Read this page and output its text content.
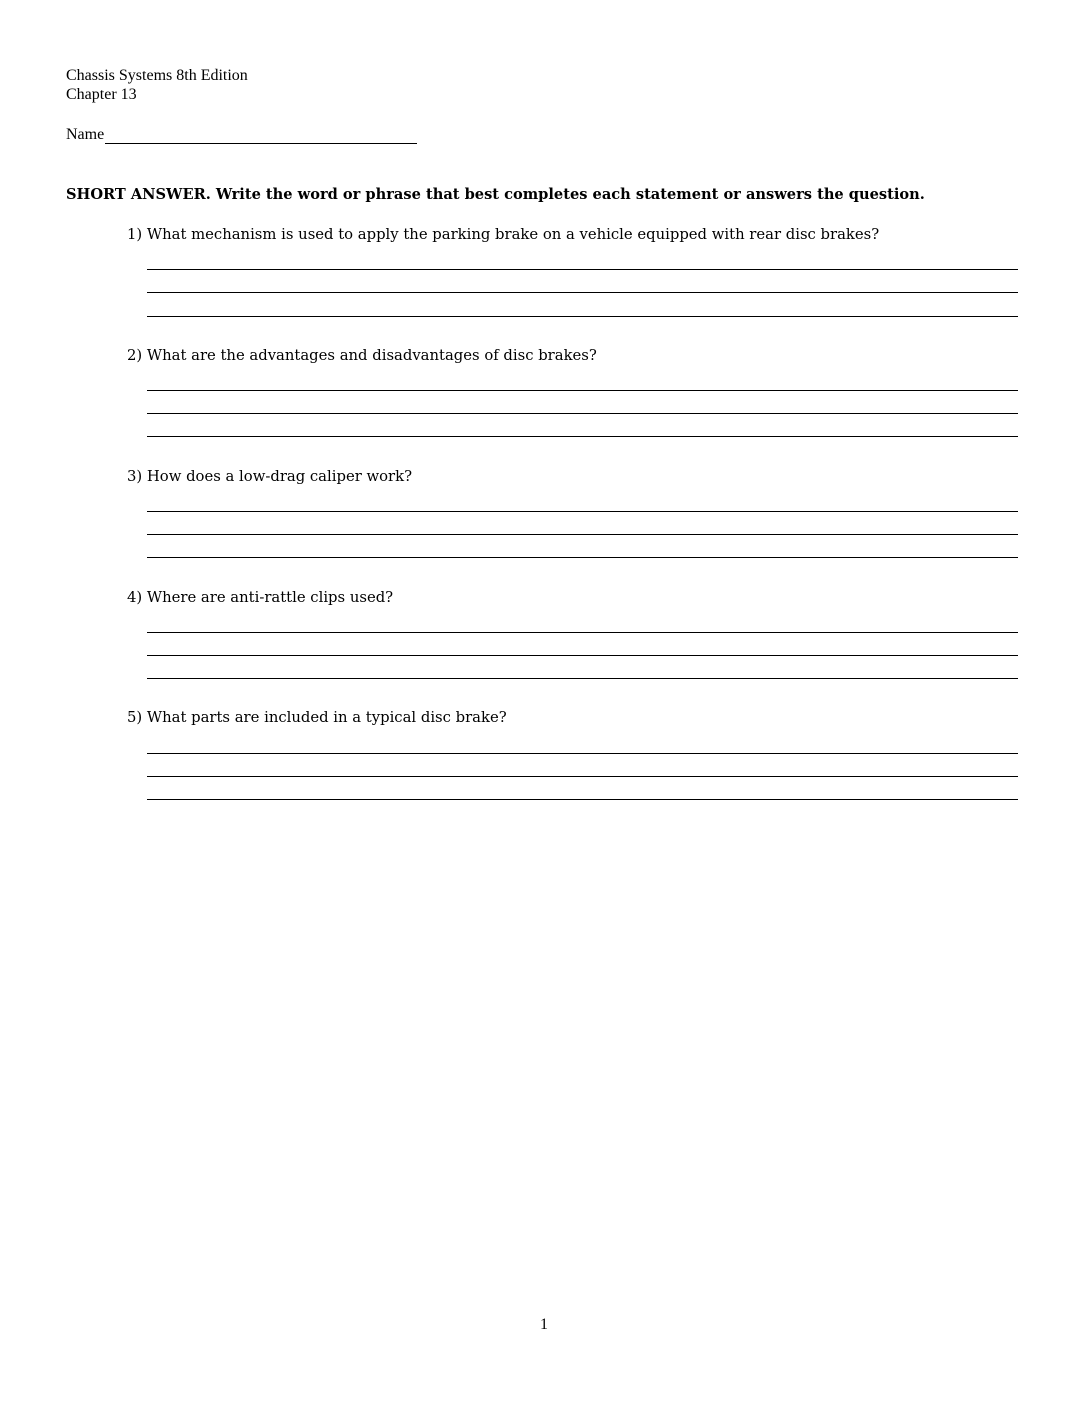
Chassis Systems 8th Edition
Chapter 13
Name
SHORT ANSWER. Write the word or phrase that best completes each statement or answers the question.
1) What mechanism is used to apply the parking brake on a vehicle equipped with rear disc brakes?
2) What are the advantages and disadvantages of disc brakes?
3) How does a low-drag caliper work?
4) Where are anti-rattle clips used?
5) What parts are included in a typical disc brake?
1
